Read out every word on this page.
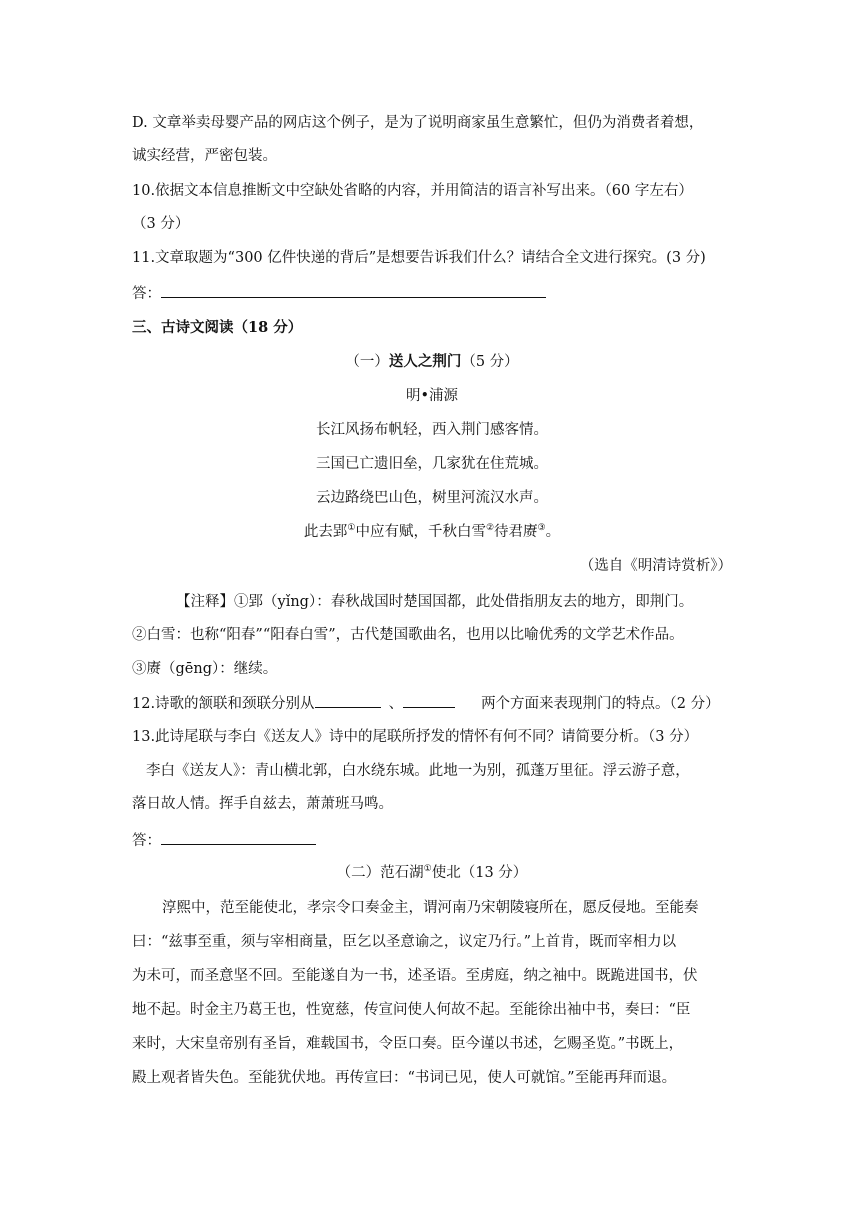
D. 文章举卖母婴产品的网店这个例子，是为了说明商家虽生意繁忙，但仍为消费者着想，
诚实经营，严密包装。
10.依据文本信息推断文中空缺处省略的内容，并用简洁的语言补写出来。（60 字左右）
（3 分）
11.文章取题为“300 亿件快递的背后”是想要告诉我们什么？请结合全文进行探究。(3 分)
答：
三、古诗文阅读（18 分）
（一）送人之荆门（5 分）
明•浦源
长江风扬布帆轻，西入荆门感客情。
三国已亡遗旧垒，几家犹在住荒城。
云边路绕巴山色，树里河流汉水声。
此去郢①中应有赋，千秋白雪②待君赓③。
（选自《明清诗赏析》）
【注释】①郢（yǐng）：春秋战国时楚国国都，此处借指朋友去的地方，即荆门。
②白雪：也称“阳春”“阳春白雪”，古代楚国歌曲名，也用以比喻优秀的文学艺术作品。
③赓（gēng）：继续。
12.诗歌的颔联和颈联分别从	、	两个方面来表现荆门的特点。（2 分）
13.此诗尾联与李白《送友人》诗中的尾联所抒发的情怀有何不同？请简要分析。（3 分）
李白《送友人》：青山横北郭，白水绕东城。此地一为别，孤蓬万里征。浮云游子意，
落日故人情。挥手自兹去，萧萧班马鸣。
答：
（二）范石湖①使北（13 分）
淳熙中，范至能使北，孝宗令口奏金主，谓河南乃宋朝陵寝所在，愿反侵地。至能奏
曰：“兹事至重，须与宰相商量，臣乞以圣意谕之，议定乃行。”上首肯，既而宰相力以
为未可，而圣意坚不回。至能遂自为一书，述圣语。至虏庭，纳之袖中。既跪进国书，伏
地不起。时金主乃葛王也，性宽慈，传宣问使人何故不起。至能徐出袖中书，奏曰：“臣
来时，大宋皇帝别有圣旨，难载国书，令臣口奏。臣今谨以书述，乞赐圣览。”书既上，
殿上观者皆失色。至能犹伏地。再传宣曰：“书词已见，使人可就馆。”至能再拜而退。
